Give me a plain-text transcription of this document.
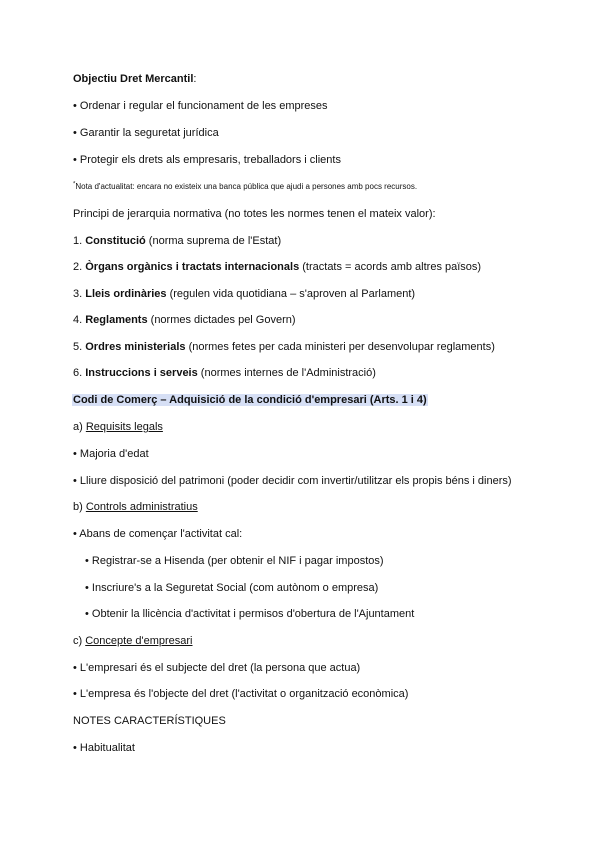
Objectiu Dret Mercantil:
• Ordenar i regular el funcionament de les empreses
• Garantir la seguretat jurídica
• Protegir els drets als empresaris, treballadors i clients
*Nota d'actualitat: encara no existeix una banca pública que ajudi a persones amb pocs recursos.
Principi de jerarquia normativa (no totes les normes tenen el mateix valor):
1. Constitució (norma suprema de l'Estat)
2. Òrgans orgànics i tractats internacionals (tractats = acords amb altres països)
3. Lleis ordinàries (regulen vida quotidiana – s'aproven al Parlament)
4. Reglaments (normes dictades pel Govern)
5. Ordres ministerials (normes fetes per cada ministeri per desenvolupar reglaments)
6. Instruccions i serveis (normes internes de l'Administració)
Codi de Comerç – Adquisició de la condició d'empresari (Arts. 1 i 4)
a) Requisits legals
• Majoria d'edat
• Lliure disposició del patrimoni (poder decidir com invertir/utilitzar els propis béns i diners)
b) Controls administratius
• Abans de començar l'activitat cal:
• Registrar-se a Hisenda (per obtenir el NIF i pagar impostos)
• Inscriure's a la Seguretat Social (com autònom o empresa)
• Obtenir la llicència d'activitat i permisos d'obertura de l'Ajuntament
c) Concepte d'empresari
• L'empresari és el subjecte del dret (la persona que actua)
• L'empresa és l'objecte del dret (l'activitat o organització econòmica)
NOTES CARACTERÍSTIQUES
• Habitualitat
